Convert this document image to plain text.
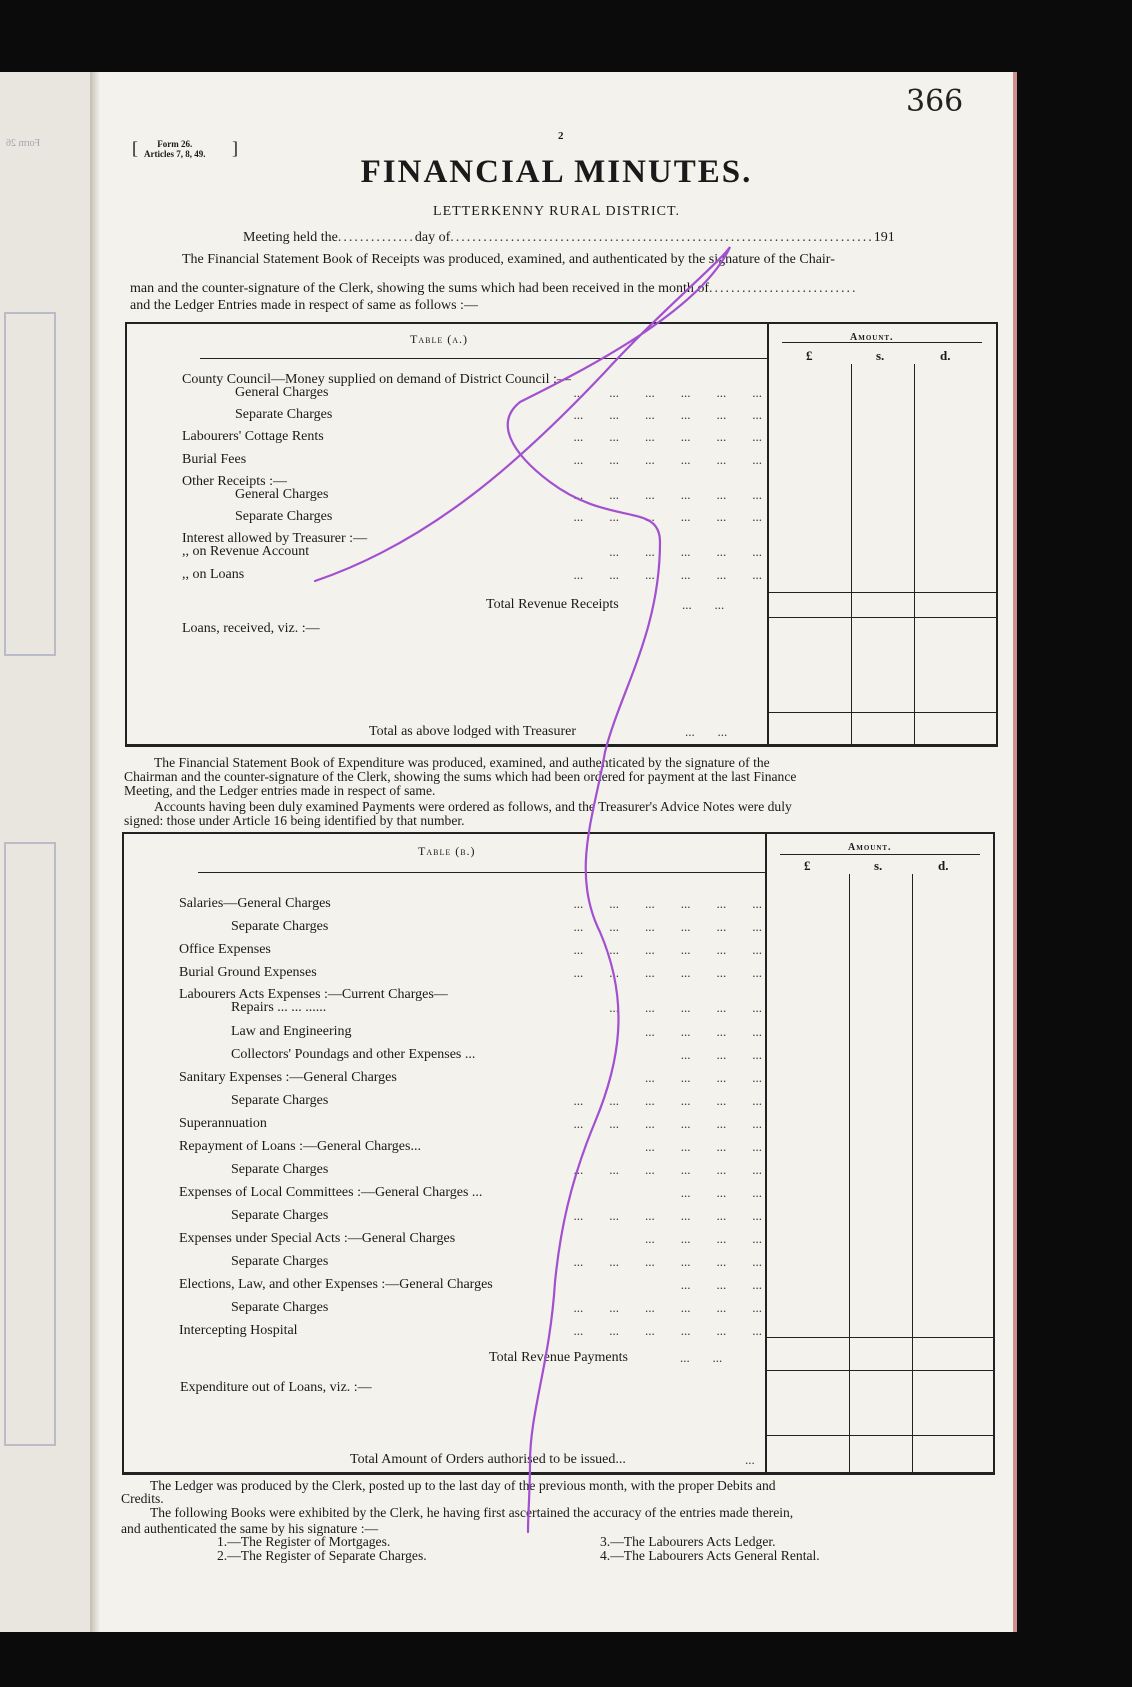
Form 26
366
2
[	Form 26.
Articles 7, 8, 49. ]
FINANCIAL MINUTES.
LETTERKENNY RURAL DISTRICT.
Meeting held the..............day of.............................................................................191
The Financial Statement Book of Receipts was produced, examined, and authenticated by the signature of the Chair-
man and the counter-signature of the Clerk, showing the sums which had been received in the month of...........................
and the Ledger Entries made in respect of same as follows :—
Table (a.)	Amount.
£	s.	d.
County Council—Money supplied on demand of District Council :—
General Charges	...        ...        ...        ...        ...        ...
Separate Charges	...        ...        ...        ...        ...        ...
Labourers' Cottage Rents	...        ...        ...        ...        ...        ...
Burial Fees	...        ...        ...        ...        ...        ...
Other Receipts :—
General Charges	...        ...        ...        ...        ...        ...
Separate Charges	...        ...        ...        ...        ...        ...
Interest allowed by Treasurer :—
,, on Revenue Account	...        ...        ...        ...        ...
,, on Loans	...        ...        ...        ...        ...        ...
Total Revenue Receipts	...       ...
Loans, received, viz. :—
Total as above lodged with Treasurer	...       ...
The Financial Statement Book of Expenditure was produced, examined, and authenticated by the signature of the
Chairman and the counter-signature of the Clerk, showing the sums which had been ordered for payment at the last Finance
Meeting, and the Ledger entries made in respect of same.
Accounts having been duly examined Payments were ordered as follows, and the Treasurer's Advice Notes were duly
signed: those under Article 16 being identified by that number.
Table (b.)	Amount.
£	s.	d.
Salaries—General Charges	...        ...        ...        ...        ...        ...
Separate Charges	...        ...        ...        ...        ...        ...
Office Expenses	...        ...        ...        ...        ...        ...
Burial Ground Expenses	...        ...        ...        ...        ...        ...
Labourers Acts Expenses :—Current Charges—
Repairs ... ... ......	...        ...        ...        ...        ...
Law and Engineering	...        ...        ...        ...
Collectors' Poundags and other Expenses ...	...        ...        ...
Sanitary Expenses :—General Charges	...        ...        ...        ...
Separate Charges	...        ...        ...        ...        ...        ...
Superannuation	...        ...        ...        ...        ...        ...
Repayment of Loans :—General Charges...	...        ...        ...        ...
Separate Charges	...        ...        ...        ...        ...        ...
Expenses of Local Committees :—General Charges ...	...        ...        ...
Separate Charges	...        ...        ...        ...        ...        ...
Expenses under Special Acts :—General Charges	...        ...        ...        ...
Separate Charges	...        ...        ...        ...        ...        ...
Elections, Law, and other Expenses :—General Charges	...        ...        ...
Separate Charges	...        ...        ...        ...        ...        ...
Intercepting Hospital	...        ...        ...        ...        ...        ...
Total Revenue Payments	...       ...
Expenditure out of Loans, viz. :—
Total Amount of Orders authorised to be issued...	...
The Ledger was produced by the Clerk, posted up to the last day of the previous month, with the proper Debits and
Credits.
The following Books were exhibited by the Clerk, he having first ascertained the accuracy of the entries made therein,
and authenticated the same by his signature :—
1.—The Register of Mortgages.
2.—The Register of Separate Charges.
3.—The Labourers Acts Ledger.
4.—The Labourers Acts General Rental.
